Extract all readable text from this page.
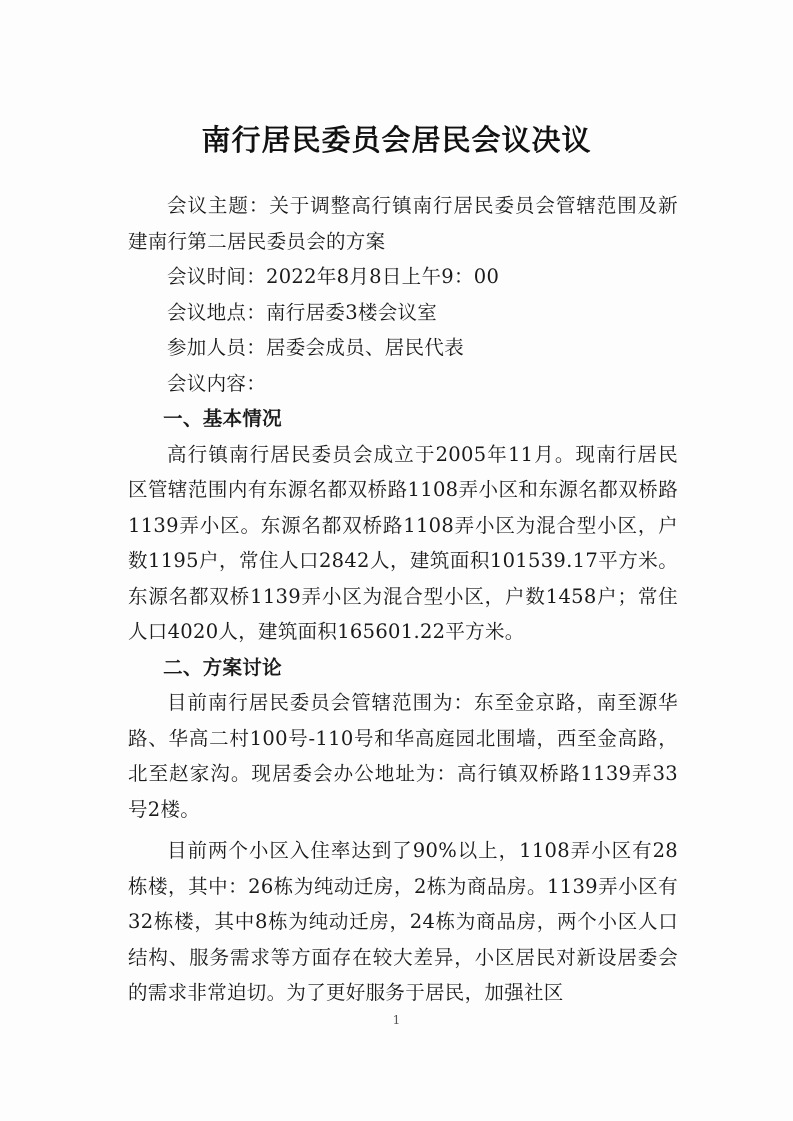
南行居民委员会居民会议决议

会议主题：关于调整高行镇南行居民委员会管辖范围及新建南行第二居民委员会的方案

会议时间：2022年8月8日上午9：00

会议地点：南行居委3楼会议室

参加人员：居委会成员、居民代表

会议内容：

一、基本情况

高行镇南行居民委员会成立于2005年11月。现南行居民区管辖范围内有东源名都双桥路1108弄小区和东源名都双桥路1139弄小区。东源名都双桥路1108弄小区为混合型小区，户数1195户，常住人口2842人，建筑面积101539.17平方米。东源名都双桥1139弄小区为混合型小区，户数1458户；常住人口4020人，建筑面积165601.22平方米。

二、方案讨论

目前南行居民委员会管辖范围为：东至金京路，南至源华路、华高二村100号-110号和华高庭园北围墙，西至金高路，北至赵家沟。现居委会办公地址为：高行镇双桥路1139弄33号2楼。

目前两个小区入住率达到了90%以上，1108弄小区有28栋楼，其中：26栋为纯动迁房，2栋为商品房。1139弄小区有32栋楼，其中8栋为纯动迁房，24栋为商品房，两个小区人口结构、服务需求等方面存在较大差异，小区居民对新设居委会的需求非常迫切。为了更好服务于居民，加强社区

1
